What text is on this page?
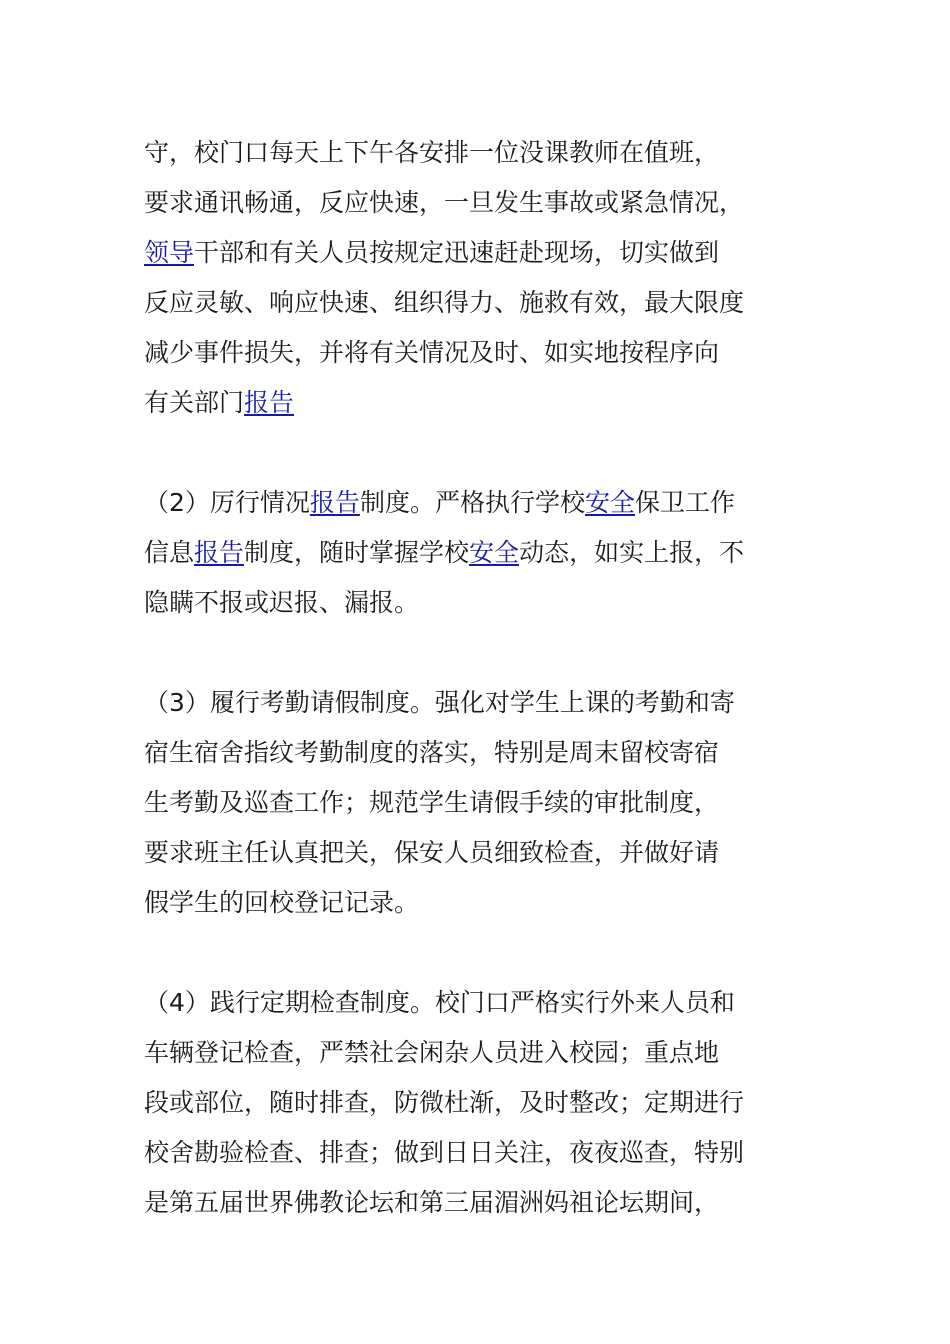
守，校门口每天上下午各安排一位没课教师在值班，
要求通讯畅通，反应快速，一旦发生事故或紧急情况，
领导干部和有关人员按规定迅速赶赴现场，切实做到
反应灵敏、响应快速、组织得力、施救有效，最大限度
减少事件损失，并将有关情况及时、如实地按程序向
有关部门报告

（2）厉行情况报告制度。严格执行学校安全保卫工作
信息报告制度，随时掌握学校安全动态，如实上报，不
隐瞒不报或迟报、漏报。

（3）履行考勤请假制度。强化对学生上课的考勤和寄
宿生宿舍指纹考勤制度的落实，特别是周末留校寄宿
生考勤及巡查工作；规范学生请假手续的审批制度，
要求班主任认真把关，保安人员细致检查，并做好请
假学生的回校登记记录。

（4）践行定期检查制度。校门口严格实行外来人员和
车辆登记检查，严禁社会闲杂人员进入校园；重点地
段或部位，随时排查，防微杜渐，及时整改；定期进行
校舍勘验检查、排查；做到日日关注，夜夜巡查，特别
是第五届世界佛教论坛和第三届湄洲妈祖论坛期间，
